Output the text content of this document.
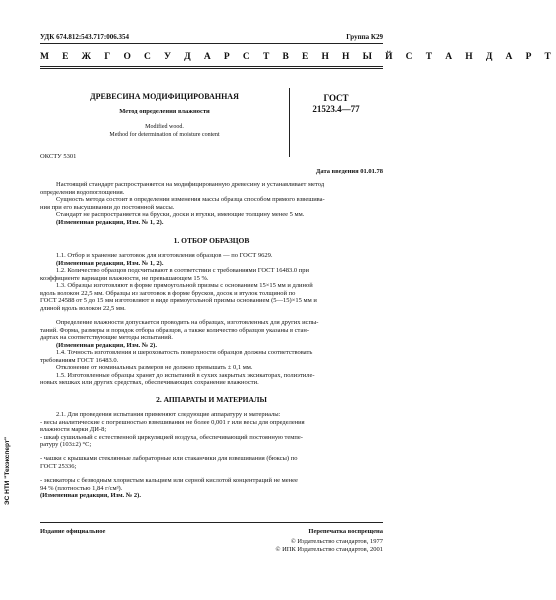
УДК 674.812:543.717:006.354	Группа К29
М Е Ж Г О С У Д А Р С Т В Е Н Н Ы Й С Т А Н Д А Р Т
ДРЕВЕСИНА МОДИФИЦИРОВАННАЯ
Метод определения влажности
Modified wood.
Method for determination of moisture content
ГОСТ
21523.4—77
ОКСТУ 5301
Дата введения 01.01.78
Настоящий стандарт распространяется на модифицированную древесину и устанавливает метод
определения водопоглощения.
Сущность метода состоит в определении изменения массы образца способом прямого взвешива-
ния при его высушивании до постоянной массы.
Стандарт не распространяется на бруски, доски и втулки, имеющие толщину менее 5 мм.
(Измененная редакция, Изм. № 1, 2).
1. ОТБОР ОБРАЗЦОВ
1.1. Отбор и хранение заготовок для изготовления образцов — по ГОСТ 9629.
(Измененная редакция, Изм. № 1, 2).
1.2. Количество образцов подсчитывают в соответствии с требованиями ГОСТ 16483.0 при
коэффициенте вариации влажности, не превышающем 15 %.
1.3. Образцы изготовляют в форме прямоугольной призмы с основанием 15×15 мм и длиной
вдоль волокон 22,5 мм. Образцы из заготовок в форме брусков, досок и втулок толщиной по
ГОСТ 24588 от 5 до 15 мм изготовляют в виде прямоугольной призмы основанием (5—15)×15 мм и
длиной вдоль волокон 22,5 мм.
Определение влажности допускается проводить на образцах, изготовленных для других испы-
таний. Форма, размеры и порядок отбора образцов, а также количество образцов указаны в стан-
дартах на соответствующие методы испытаний.
(Измененная редакция, Изм. № 2).
1.4. Точность изготовления и шероховатость поверхности образцов должны соответствовать
требованиям ГОСТ 16483.0.
Отклонение от номинальных размеров не должно превышать ± 0,1 мм.
1.5. Изготовленные образцы хранят до испытаний в сухих закрытых эксикаторах, полиэтиле-
новых мешках или других средствах, обеспечивающих сохранение влажности.
2. АППАРАТЫ И МАТЕРИАЛЫ
2.1. Для проведения испытания применяют следующие аппаратуру и материалы:
- весы аналитические с погрешностью взвешивания не более 0,001 г или весы для определения
влажности марки ДИ-8;
- шкаф сушильный с естественной циркуляцией воздуха, обеспечивающий постоянную темпе-
ратуру (103±2) °С;
- чашки с крышками стеклянные лабораторные или стаканчики для взвешивания (бюксы) по
ГОСТ 25336;
- эксикаторы с безводным хлористым кальцием или серной кислотой концентраций не менее
94 % (плотностью 1,84 г/см³).
(Измененная редакция, Изм. № 2).
Издание официальное	Перепечатка воспрещена
© Издательство стандартов, 1977
© ИПК Издательство стандартов, 2001
ЭС НТИ "Техэксперт"
